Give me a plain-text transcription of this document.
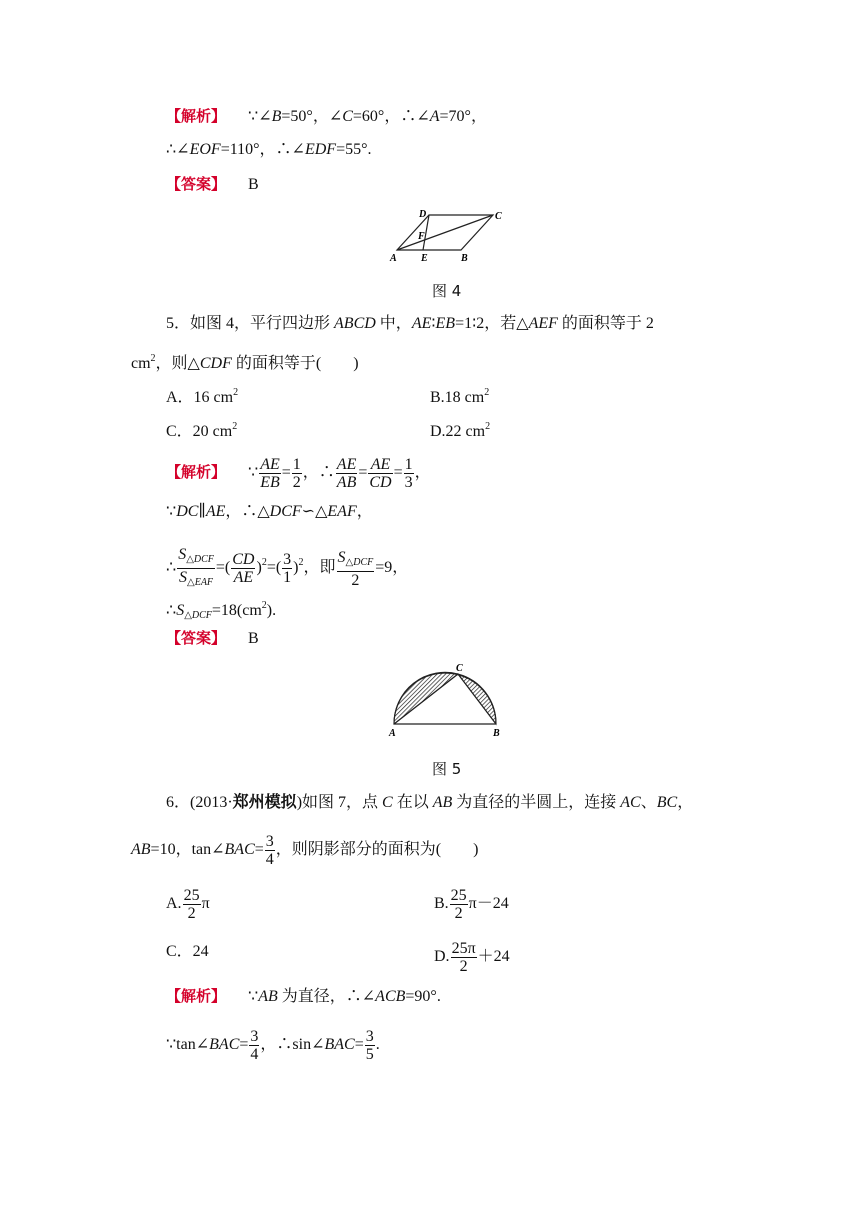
【解析】 ∵∠B=50°，∠C=60°，∴∠A=70°，
∴∠EOF=110°，∴∠EDF=55°.
【答案】 B
D	C
F
A E	B
图 4
5．如图 4，平行四边形 ABCD 中，AE∶EB=1∶2，若△AEF 的面积等于 2
$cm^2$，则△CDF 的面积等于(　　)
A．16 $cm^2$	B.18 $cm^2$
C．20 $cm^2$	D.22 $cm^2$
【解析】 ∵ $\frac{AE}{EB} = \frac{1}{2}$ ，∴ $\frac{AE}{AB} = \frac{AE}{CD} = \frac{1}{3}$ ，
∵DC∥AE，∴△DCF∽△EAF，
∴ $\frac{S_{\triangle DCF}}{S_{\triangle EAF}}$ =( $\frac{CD}{AE} )^2=( \frac{3}{1} )^2$，即 $\frac{S_{\triangle DCF}}{2} =9$，
$\therefore S_{\triangle DCF}=18(cm^2)$.
【答案】 B
C
A	B
图 5
6．(2013·郑州模拟)如图 7，点 C 在以 AB 为直径的半圆上，连接 AC、BC，
AB=10，tan∠BAC= $\frac{3}{4}$ ，则阴影部分的面积为(　　)
A. $\frac{25}{2}$ π	B. $\frac{25}{2} \pi-24$
C．24	D. $\frac{25\pi}{2} +24$
【解析】 ∵AB 为直径，∴∠ACB=90°.
∵tan∠BAC= $\frac{3}{4}$ ，∴sin∠BAC= $\frac{3}{5}$ .
